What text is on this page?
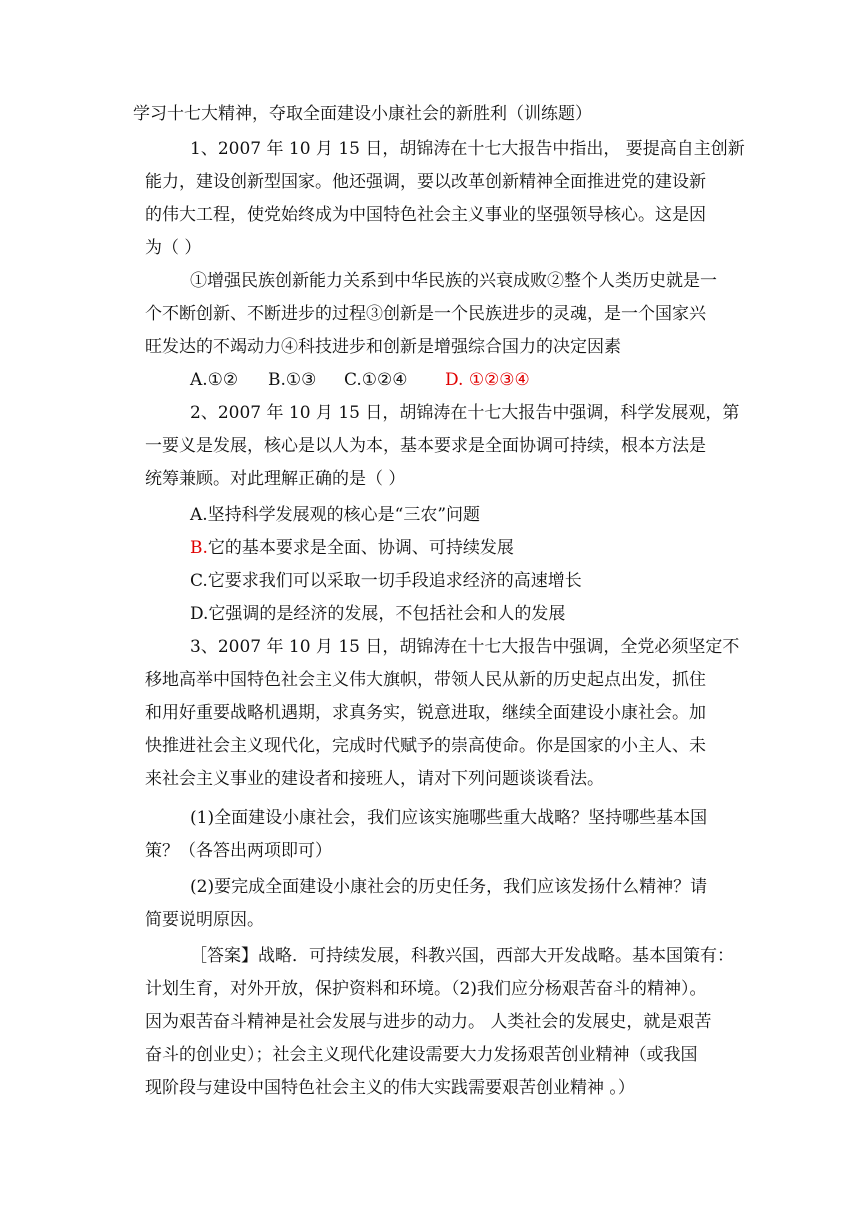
学习十七大精神，夺取全面建设小康社会的新胜利（训练题）
1、2007 年 10 月 15 日，胡锦涛在十七大报告中指出， 要提高自主创新
能力，建设创新型国家。他还强调，要以改革创新精神全面推进党的建设新
的伟大工程，使党始终成为中国特色社会主义事业的坚强领导核心。这是因
为（ ）
①增强民族创新能力关系到中华民族的兴衰成败②整个人类历史就是一
个不断创新、不断进步的过程③创新是一个民族进步的灵魂，是一个国家兴
旺发达的不竭动力④科技进步和创新是增强综合国力的决定因素
A.①② B.①③ C.①②④ D. ①②③④
2、2007 年 10 月 15 日，胡锦涛在十七大报告中强调，科学发展观，第
一要义是发展，核心是以人为本，基本要求是全面协调可持续，根本方法是
统筹兼顾。对此理解正确的是（ ）
A.坚持科学发展观的核心是“三农”问题
B.它的基本要求是全面、协调、可持续发展
C.它要求我们可以采取一切手段追求经济的高速增长
D.它强调的是经济的发展，不包括社会和人的发展
3、2007 年 10 月 15 日，胡锦涛在十七大报告中强调，全党必须坚定不
移地高举中国特色社会主义伟大旗帜，带领人民从新的历史起点出发，抓住
和用好重要战略机遇期，求真务实，锐意进取，继续全面建设小康社会。加
快推进社会主义现代化，完成时代赋予的崇高使命。你是国家的小主人、未
来社会主义事业的建设者和接班人，请对下列问题谈谈看法。
(1)全面建设小康社会，我们应该实施哪些重大战略？坚持哪些基本国
策？（各答出两项即可）
(2)要完成全面建设小康社会的历史任务，我们应该发扬什么精神？请
简要说明原因。
［答案】战略．可持续发展，科教兴国，西部大开发战略。基本国策有：
计划生育，对外开放，保护资料和环境。（2)我们应分杨艰苦奋斗的精神）。
因为艰苦奋斗精神是社会发展与进步的动力。 人类社会的发展史，就是艰苦
奋斗的创业史）；社会主义现代化建设需要大力发扬艰苦创业精神（或我国
现阶段与建设中国特色社会主义的伟大实践需要艰苦创业精神 。）
